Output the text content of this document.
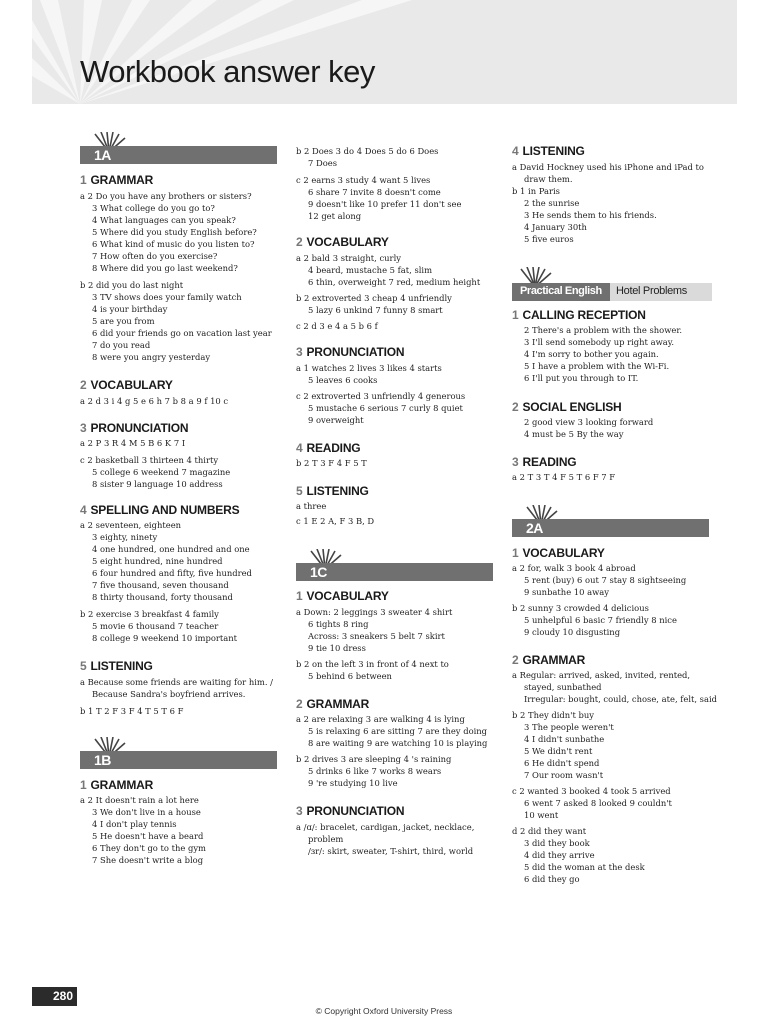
Workbook answer key
1A
1 GRAMMAR
a 2 Do you have any brothers or sisters?
3 What college do you go to?
4 What languages can you speak?
5 Where did you study English before?
6 What kind of music do you listen to?
7 How often do you exercise?
8 Where did you go last weekend?
b 2 did you do last night
3 TV shows does your family watch
4 is your birthday
5 are you from
6 did your friends go on vacation last year
7 do you read
8 were you angry yesterday
2 VOCABULARY
a 2 d 3 i 4 g 5 e 6 h 7 b 8 a 9 f 10 c
3 PRONUNCIATION
a 2 P 3 R 4 M 5 B 6 K 7 I
c 2 basketball 3 thirteen 4 thirty
5 college 6 weekend 7 magazine
8 sister 9 language 10 address
4 SPELLING AND NUMBERS
a 2 seventeen, eighteen
3 eighty, ninety
4 one hundred, one hundred and one
5 eight hundred, nine hundred
6 four hundred and fifty, five hundred
7 five thousand, seven thousand
8 thirty thousand, forty thousand
b 2 exercise 3 breakfast 4 family
5 movie 6 thousand 7 teacher
8 college 9 weekend 10 important
5 LISTENING
a Because some friends are waiting for him. /
Because Sandra's boyfriend arrives.
b 1 T 2 F 3 F 4 T 5 T 6 F
1B
1 GRAMMAR
a 2 It doesn't rain a lot here
3 We don't live in a house
4 I don't play tennis
5 He doesn't have a beard
6 They don't go to the gym
7 She doesn't write a blog
b 2 Does 3 do 4 Does 5 do 6 Does
7 Does
c 2 earns 3 study 4 want 5 lives
6 share 7 invite 8 doesn't come
9 doesn't like 10 prefer 11 don't see
12 get along
2 VOCABULARY
a 2 bald 3 straight, curly
4 beard, mustache 5 fat, slim
6 thin, overweight 7 red, medium height
b 2 extroverted 3 cheap 4 unfriendly
5 lazy 6 unkind 7 funny 8 smart
c 2 d 3 e 4 a 5 b 6 f
3 PRONUNCIATION
a 1 watches 2 lives 3 likes 4 starts
5 leaves 6 cooks
c 2 extroverted 3 unfriendly 4 generous
5 mustache 6 serious 7 curly 8 quiet
9 overweight
4 READING
b 2 T 3 F 4 F 5 T
5 LISTENING
a three
c 1 E 2 A, F 3 B, D
1C
1 VOCABULARY
a Down: 2 leggings 3 sweater 4 shirt
6 tights 8 ring
Across: 3 sneakers 5 belt 7 skirt
9 tie 10 dress
b 2 on the left 3 in front of 4 next to
5 behind 6 between
2 GRAMMAR
a 2 are relaxing 3 are walking 4 is lying
5 is relaxing 6 are sitting 7 are they doing
8 are waiting 9 are watching 10 is playing
b 2 drives 3 are sleeping 4 's raining
5 drinks 6 like 7 works 8 wears
9 're studying 10 live
3 PRONUNCIATION
a /ɑ/: bracelet, cardigan, jacket, necklace,
problem
/ɜr/: skirt, sweater, T-shirt, third, world
4 LISTENING
a David Hockney used his iPhone and iPad to
draw them.
b 1 in Paris
2 the sunrise
3 He sends them to his friends.
4 January 30th
5 five euros
Practical English Hotel Problems
1 CALLING RECEPTION
2 There's a problem with the shower.
3 I'll send somebody up right away.
4 I'm sorry to bother you again.
5 I have a problem with the Wi-Fi.
6 I'll put you through to IT.
2 SOCIAL ENGLISH
2 good view 3 looking forward
4 must be 5 By the way
3 READING
a 2 T 3 T 4 F 5 T 6 F 7 F
2A
1 VOCABULARY
a 2 for, walk 3 book 4 abroad
5 rent (buy) 6 out 7 stay 8 sightseeing
9 sunbathe 10 away
b 2 sunny 3 crowded 4 delicious
5 unhelpful 6 basic 7 friendly 8 nice
9 cloudy 10 disgusting
2 GRAMMAR
a Regular: arrived, asked, invited, rented,
stayed, sunbathed
Irregular: bought, could, chose, ate, felt, said
b 2 They didn't buy
3 The people weren't
4 I didn't sunbathe
5 We didn't rent
6 He didn't spend
7 Our room wasn't
c 2 wanted 3 booked 4 took 5 arrived
6 went 7 asked 8 looked 9 couldn't
10 went
d 2 did they want
3 did they book
4 did they arrive
5 did the woman at the desk
6 did they go
280
© Copyright Oxford University Press
